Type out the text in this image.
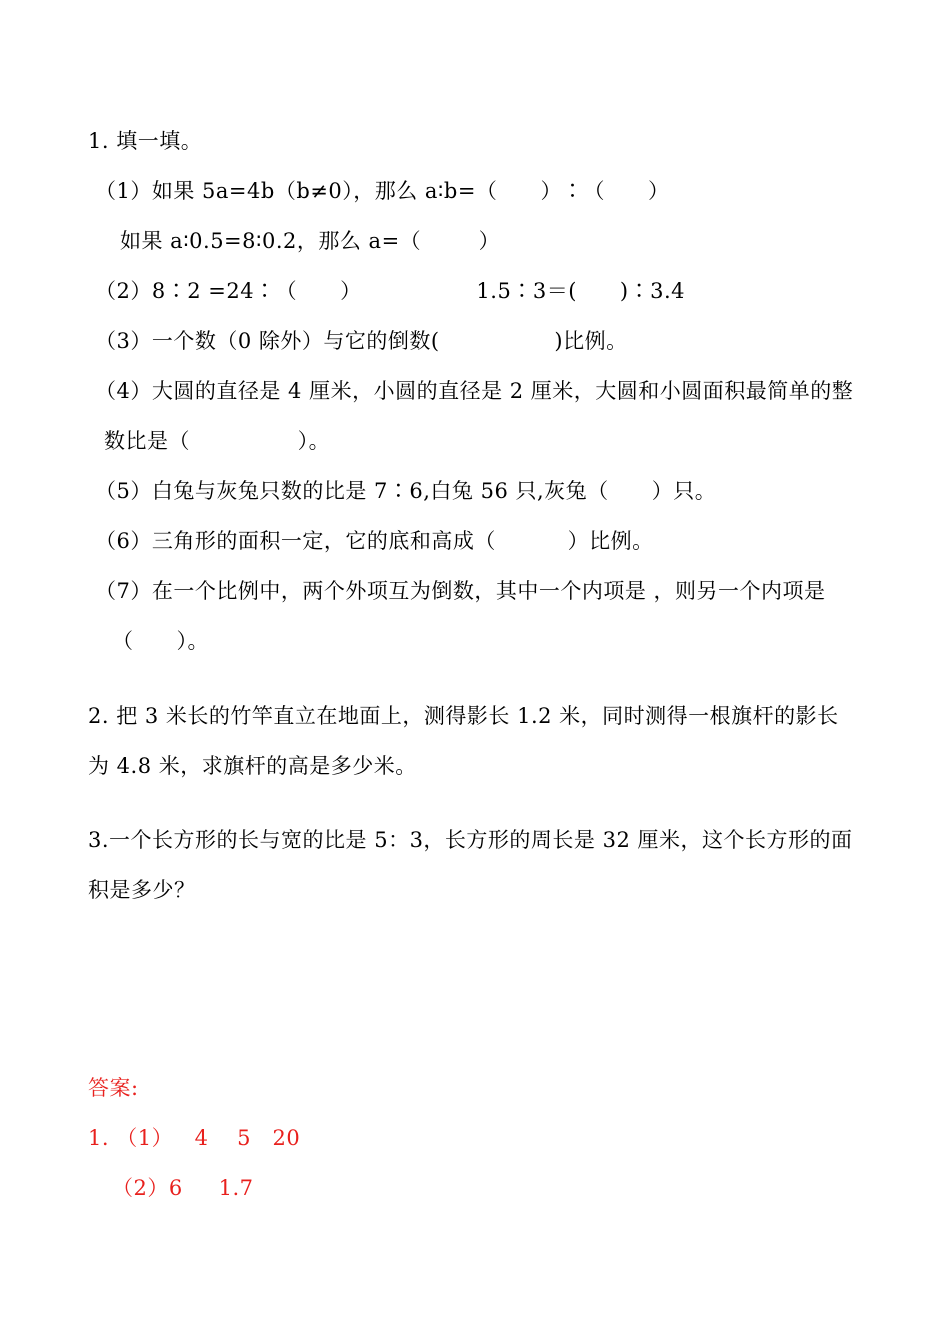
1. 填一填。
（1）如果 5a=4b（b≠0），那么 a∶b=（      ）∶（      ）
如果 a∶0.5=8∶0.2，那么 a=（        ）
（2）8∶2 =24∶（      ）                1.5∶3＝(      )∶3.4
（3）一个数（0 除外）与它的倒数(                )比例。
（4）大圆的直径是 4 厘米，小圆的直径是 2 厘米，大圆和小圆面积最简单的整
数比是（               ）。
（5）白兔与灰兔只数的比是 7∶6,白兔 56 只,灰兔（      ）只。
（6）三角形的面积一定，它的底和高成（          ）比例。
（7）在一个比例中，两个外项互为倒数，其中一个内项是 ，则另一个内项是
（      ）。
2. 把 3 米长的竹竿直立在地面上，测得影长 1.2 米，同时测得一根旗杆的影长
为 4.8 米，求旗杆的高是多少米。
3.一个长方形的长与宽的比是 5：3，长方形的周长是 32 厘米，这个长方形的面
积是多少？
答案:
1. （1）   4    5   20
（2）6     1.7
